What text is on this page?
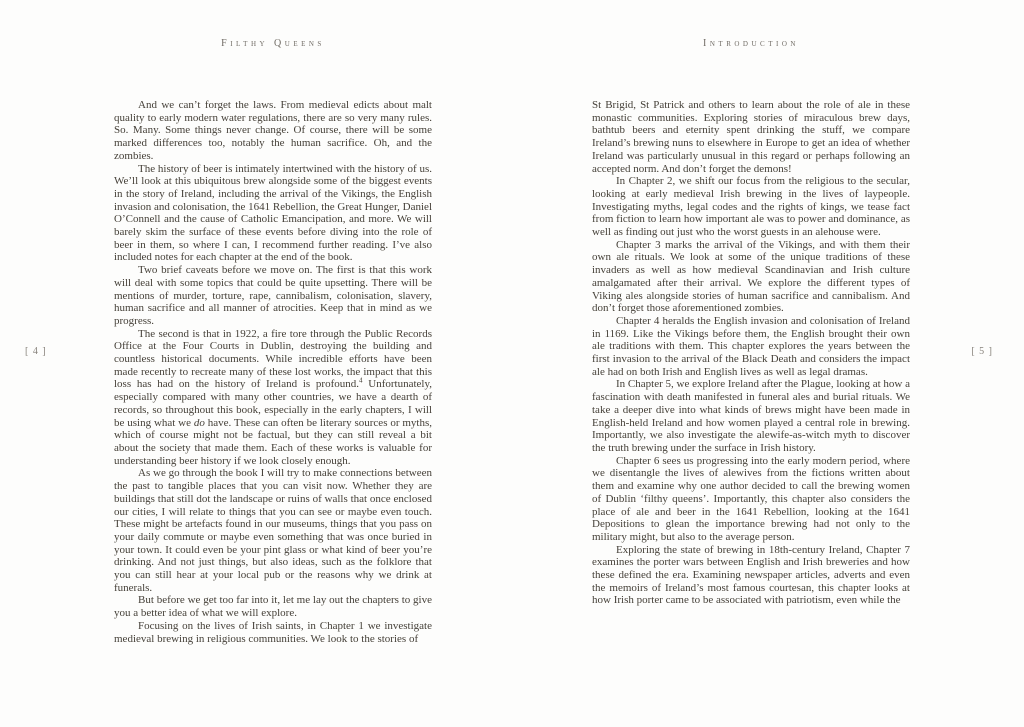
Filthy Queens	Introduction
[ 4 ]	[ 5 ]

And we can’t forget the laws. From medieval edicts about malt quality to early modern water regulations, there are so very many rules. So. Many. Some things never change. Of course, there will be some marked differences too, notably the human sacrifice. Oh, and the zombies.

The history of beer is intimately intertwined with the history of us. We’ll look at this ubiquitous brew alongside some of the biggest events in the story of Ireland, including the arrival of the Vikings, the English invasion and colonisation, the 1641 Rebellion, the Great Hunger, Daniel O’Connell and the cause of Catholic Emancipation, and more. We will barely skim the surface of these events before diving into the role of beer in them, so where I can, I recommend further reading. I’ve also included notes for each chapter at the end of the book.

Two brief caveats before we move on. The first is that this work will deal with some topics that could be quite upsetting. There will be mentions of murder, torture, rape, cannibalism, colonisation, slavery, human sacrifice and all manner of atrocities. Keep that in mind as we progress.

The second is that in 1922, a fire tore through the Public Records Office at the Four Courts in Dublin, destroying the building and countless historical documents. While incredible efforts have been made recently to recreate many of these lost works, the impact that this loss has had on the history of Ireland is profound.$^4$ Unfortunately, especially compared with many other countries, we have a dearth of records, so throughout this book, especially in the early chapters, I will be using what we do have. These can often be literary sources or myths, which of course might not be factual, but they can still reveal a bit about the society that made them. Each of these works is valuable for understanding beer history if we look closely enough.

As we go through the book I will try to make connections between the past to tangible places that you can visit now. Whether they are buildings that still dot the landscape or ruins of walls that once enclosed our cities, I will relate to things that you can see or maybe even touch. These might be artefacts found in our museums, things that you pass on your daily commute or maybe even something that was once buried in your town. It could even be your pint glass or what kind of beer you’re drinking. And not just things, but also ideas, such as the folklore that you can still hear at your local pub or the reasons why we drink at funerals.

But before we get too far into it, let me lay out the chapters to give you a better idea of what we will explore.

Focusing on the lives of Irish saints, in Chapter 1 we investigate medieval brewing in religious communities. We look to the stories of

St Brigid, St Patrick and others to learn about the role of ale in these monastic communities. Exploring stories of miraculous brew days, bathtub beers and eternity spent drinking the stuff, we compare Ireland’s brewing nuns to elsewhere in Europe to get an idea of whether Ireland was particularly unusual in this regard or perhaps following an accepted norm. And don’t forget the demons!

In Chapter 2, we shift our focus from the religious to the secular, looking at early medieval Irish brewing in the lives of laypeople. Investigating myths, legal codes and the rights of kings, we tease fact from fiction to learn how important ale was to power and dominance, as well as finding out just who the worst guests in an alehouse were.

Chapter 3 marks the arrival of the Vikings, and with them their own ale rituals. We look at some of the unique traditions of these invaders as well as how medieval Scandinavian and Irish culture amalgamated after their arrival. We explore the different types of Viking ales alongside stories of human sacrifice and cannibalism. And don’t forget those aforementioned zombies.

Chapter 4 heralds the English invasion and colonisation of Ireland in 1169. Like the Vikings before them, the English brought their own ale traditions with them. This chapter explores the years between the first invasion to the arrival of the Black Death and considers the impact ale had on both Irish and English lives as well as legal dramas.

In Chapter 5, we explore Ireland after the Plague, looking at how a fascination with death manifested in funeral ales and burial rituals. We take a deeper dive into what kinds of brews might have been made in English-held Ireland and how women played a central role in brewing. Importantly, we also investigate the alewife-as-witch myth to discover the truth brewing under the surface in Irish history.

Chapter 6 sees us progressing into the early modern period, where we disentangle the lives of alewives from the fictions written about them and examine why one author decided to call the brewing women of Dublin ‘filthy queens’. Importantly, this chapter also considers the place of ale and beer in the 1641 Rebellion, looking at the 1641 Depositions to glean the importance brewing had not only to the military might, but also to the average person.

Exploring the state of brewing in 18th-century Ireland, Chapter 7 examines the porter wars between English and Irish breweries and how these defined the era. Examining newspaper articles, adverts and even the memoirs of Ireland’s most famous courtesan, this chapter looks at how Irish porter came to be associated with patriotism, even while the
